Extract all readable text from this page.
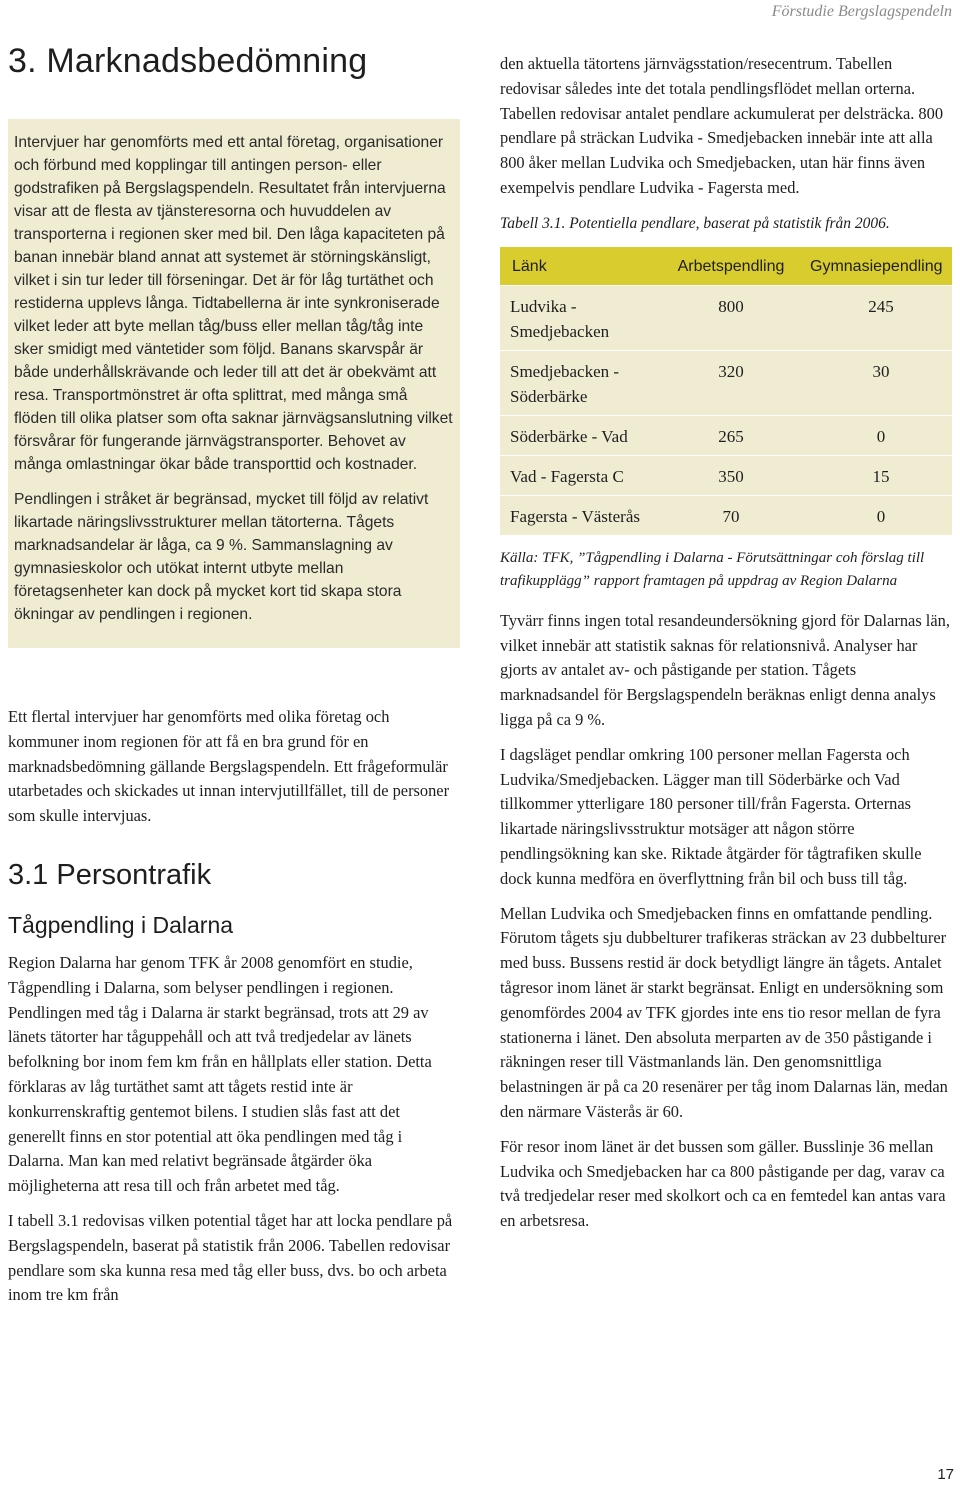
Förstudie Bergslagspendeln
3. Marknadsbedömning

Intervjuer har genomförts med ett antal företag, organisationer och förbund med kopplingar till antingen person- eller godstrafiken på Bergslagspendeln. Resultatet från intervjuerna visar att de flesta av tjänsteresorna och huvuddelen av transporterna i regionen sker med bil. Den låga kapaciteten på banan innebär bland annat att systemet är störningskänsligt, vilket i sin tur leder till förseningar. Det är för låg turtäthet och restiderna upplevs långa. Tidtabellerna är inte synkroniserade vilket leder att byte mellan tåg/buss eller mellan tåg/tåg inte sker smidigt med väntetider som följd. Banans skarvspår är både underhållskrävande och leder till att det är obekvämt att resa. Transportmönstret är ofta splittrat, med många små flöden till olika platser som ofta saknar järnvägsanslutning vilket försvårar för fungerande järnvägstransporter. Behovet av många omlastningar ökar både transporttid och kostnader.

Pendlingen i stråket är begränsad, mycket till följd av relativt likartade näringslivsstrukturer mellan tätorterna. Tågets marknadsandelar är låga, ca 9 %. Sammanslagning av gymnasieskolor och utökat internt utbyte mellan företagsenheter kan dock på mycket kort tid skapa stora ökningar av pendlingen i regionen.

Ett flertal intervjuer har genomförts med olika företag och kommuner inom regionen för att få en bra grund för en marknadsbedömning gällande Bergslagspendeln. Ett frågeformulär utarbetades och skickades ut innan intervjutillfället, till de personer som skulle intervjuas.

3.1 Persontrafik
Tågpendling i Dalarna

Region Dalarna har genom TFK år 2008 genomfört en studie, Tågpendling i Dalarna, som belyser pendlingen i regionen. Pendlingen med tåg i Dalarna är starkt begränsad, trots att 29 av länets tätorter har tåguppehåll och att två tredjedelar av länets befolkning bor inom fem km från en hållplats eller station. Detta förklaras av låg turtäthet samt att tågets restid inte är konkurrenskraftig gentemot bilens. I studien slås fast att det generellt finns en stor potential att öka pendlingen med tåg i Dalarna. Man kan med relativt begränsade åtgärder öka möjligheterna att resa till och från arbetet med tåg.

I tabell 3.1 redovisas vilken potential tåget har att locka pendlare på Bergslagspendeln, baserat på statistik från 2006. Tabellen redovisar pendlare som ska kunna resa med tåg eller buss, dvs. bo och arbeta inom tre km från

den aktuella tätortens järnvägsstation/resecentrum. Tabellen redovisar således inte det totala pendlingsflödet mellan orterna. Tabellen redovisar antalet pendlare ackumulerat per delsträcka. 800 pendlare på sträckan Ludvika - Smedjebacken innebär inte att alla 800 åker mellan Ludvika och Smedjebacken, utan här finns även exempelvis pendlare Ludvika - Fagersta med.

Tabell 3.1. Potentiella pendlare, baserat på statistik från 2006.

Länk	Arbetspendling	Gymnasiependling
Ludvika - Smedjebacken
800	245
Smedjebacken - Söderbärke
320	30
Söderbärke - Vad	265	0
Vad - Fagersta C	350	15
Fagersta - Västerås	70	0

Källa: TFK, ”Tågpendling i Dalarna - Förutsättningar coh förslag till trafikupplägg” rapport framtagen på uppdrag av Region Dalarna

Tyvärr finns ingen total resandeundersökning gjord för Dalarnas län, vilket innebär att statistik saknas för relationsnivå. Analyser har gjorts av antalet av- och påstigande per station. Tågets marknadsandel för Bergslagspendeln beräknas enligt denna analys ligga på ca 9 %.

I dagsläget pendlar omkring 100 personer mellan Fagersta och Ludvika/Smedjebacken. Lägger man till Söderbärke och Vad tillkommer ytterligare 180 personer till/från Fagersta. Orternas likartade näringslivsstruktur motsäger att någon större pendlingsökning kan ske. Riktade åtgärder för tågtrafiken skulle dock kunna medföra en överflyttning från bil och buss till tåg.

Mellan Ludvika och Smedjebacken finns en omfattande pendling. Förutom tågets sju dubbelturer trafikeras sträckan av 23 dubbelturer med buss. Bussens restid är dock betydligt längre än tågets. Antalet tågresor inom länet är starkt begränsat. Enligt en undersökning som genomfördes 2004 av TFK gjordes inte ens tio resor mellan de fyra stationerna i länet. Den absoluta merparten av de 350 påstigande i räkningen reser till Västmanlands län. Den genomsnittliga belastningen är på ca 20 resenärer per tåg inom Dalarnas län, medan den närmare Västerås är 60.

För resor inom länet är det bussen som gäller. Busslinje 36 mellan Ludvika och Smedjebacken har ca 800 påstigande per dag, varav ca två tredjedelar reser med skolkort och ca en femtedel kan antas vara en arbetsresa.

17
